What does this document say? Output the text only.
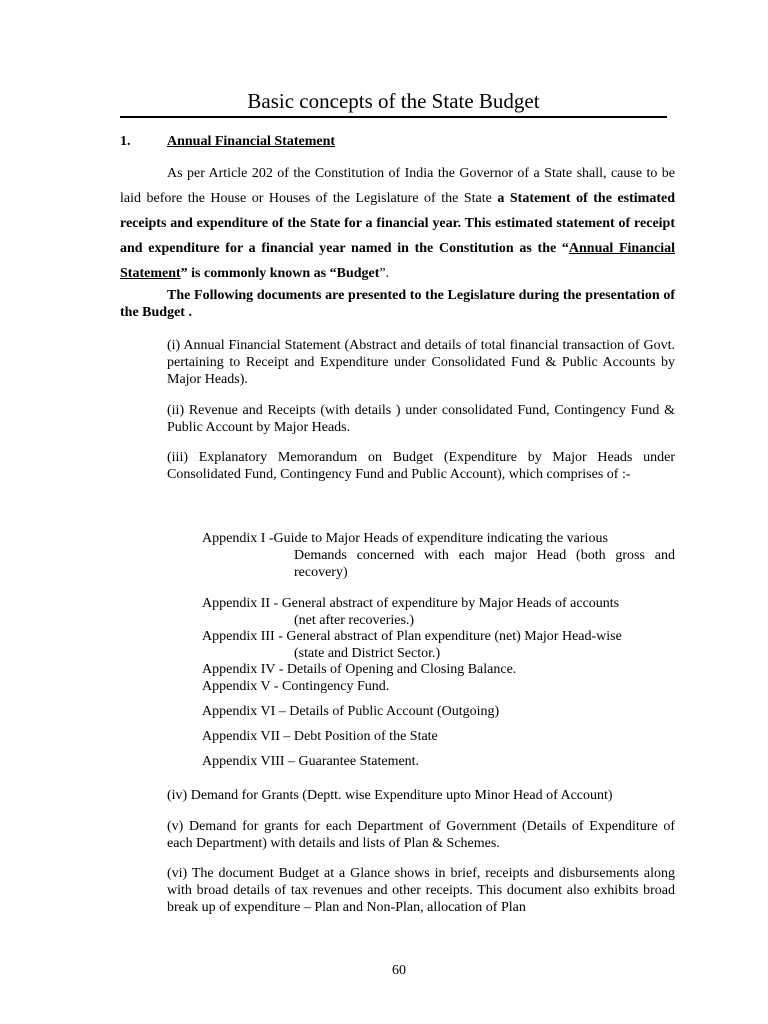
Basic concepts of the State Budget
1.	Annual Financial Statement

As per Article 202 of the Constitution of India the Governor of a State shall, cause to be laid before the House or Houses of the Legislature of the State a Statement of the estimated receipts and expenditure of the State for a financial year. This estimated statement of receipt and expenditure for a financial year named in the Constitution as the “Annual Financial Statement” is commonly known as “Budget”.

The Following documents are presented to the Legislature during the presentation of the Budget .

(i) Annual Financial Statement (Abstract and details of total financial transaction of Govt. pertaining to Receipt and Expenditure under Consolidated Fund & Public Accounts by Major Heads).

(ii) Revenue and Receipts (with details ) under consolidated Fund, Contingency Fund & Public Account by Major Heads.

(iii) Explanatory Memorandum on Budget (Expenditure by Major Heads under Consolidated Fund, Contingency Fund and Public Account), which comprises of :-

Appendix I -Guide to Major Heads of expenditure indicating the various
Demands concerned with each major Head (both gross and recovery)
Appendix II - General abstract of expenditure by Major Heads of accounts
(net after recoveries.)
Appendix III - General abstract of Plan expenditure (net) Major Head-wise
(state and District Sector.)
Appendix IV - Details of Opening and Closing Balance.
Appendix V - Contingency Fund.
Appendix VI – Details of Public Account (Outgoing)
Appendix VII – Debt Position of the State
Appendix VIII – Guarantee Statement.

(iv) Demand for Grants (Deptt. wise Expenditure upto Minor Head of Account)

(v) Demand for grants for each Department of Government (Details of Expenditure of each Department) with details and lists of Plan & Schemes.

(vi) The document Budget at a Glance shows in brief, receipts and disbursements along with broad details of tax revenues and other receipts. This document also exhibits broad break up of expenditure – Plan and Non-Plan, allocation of Plan

60
